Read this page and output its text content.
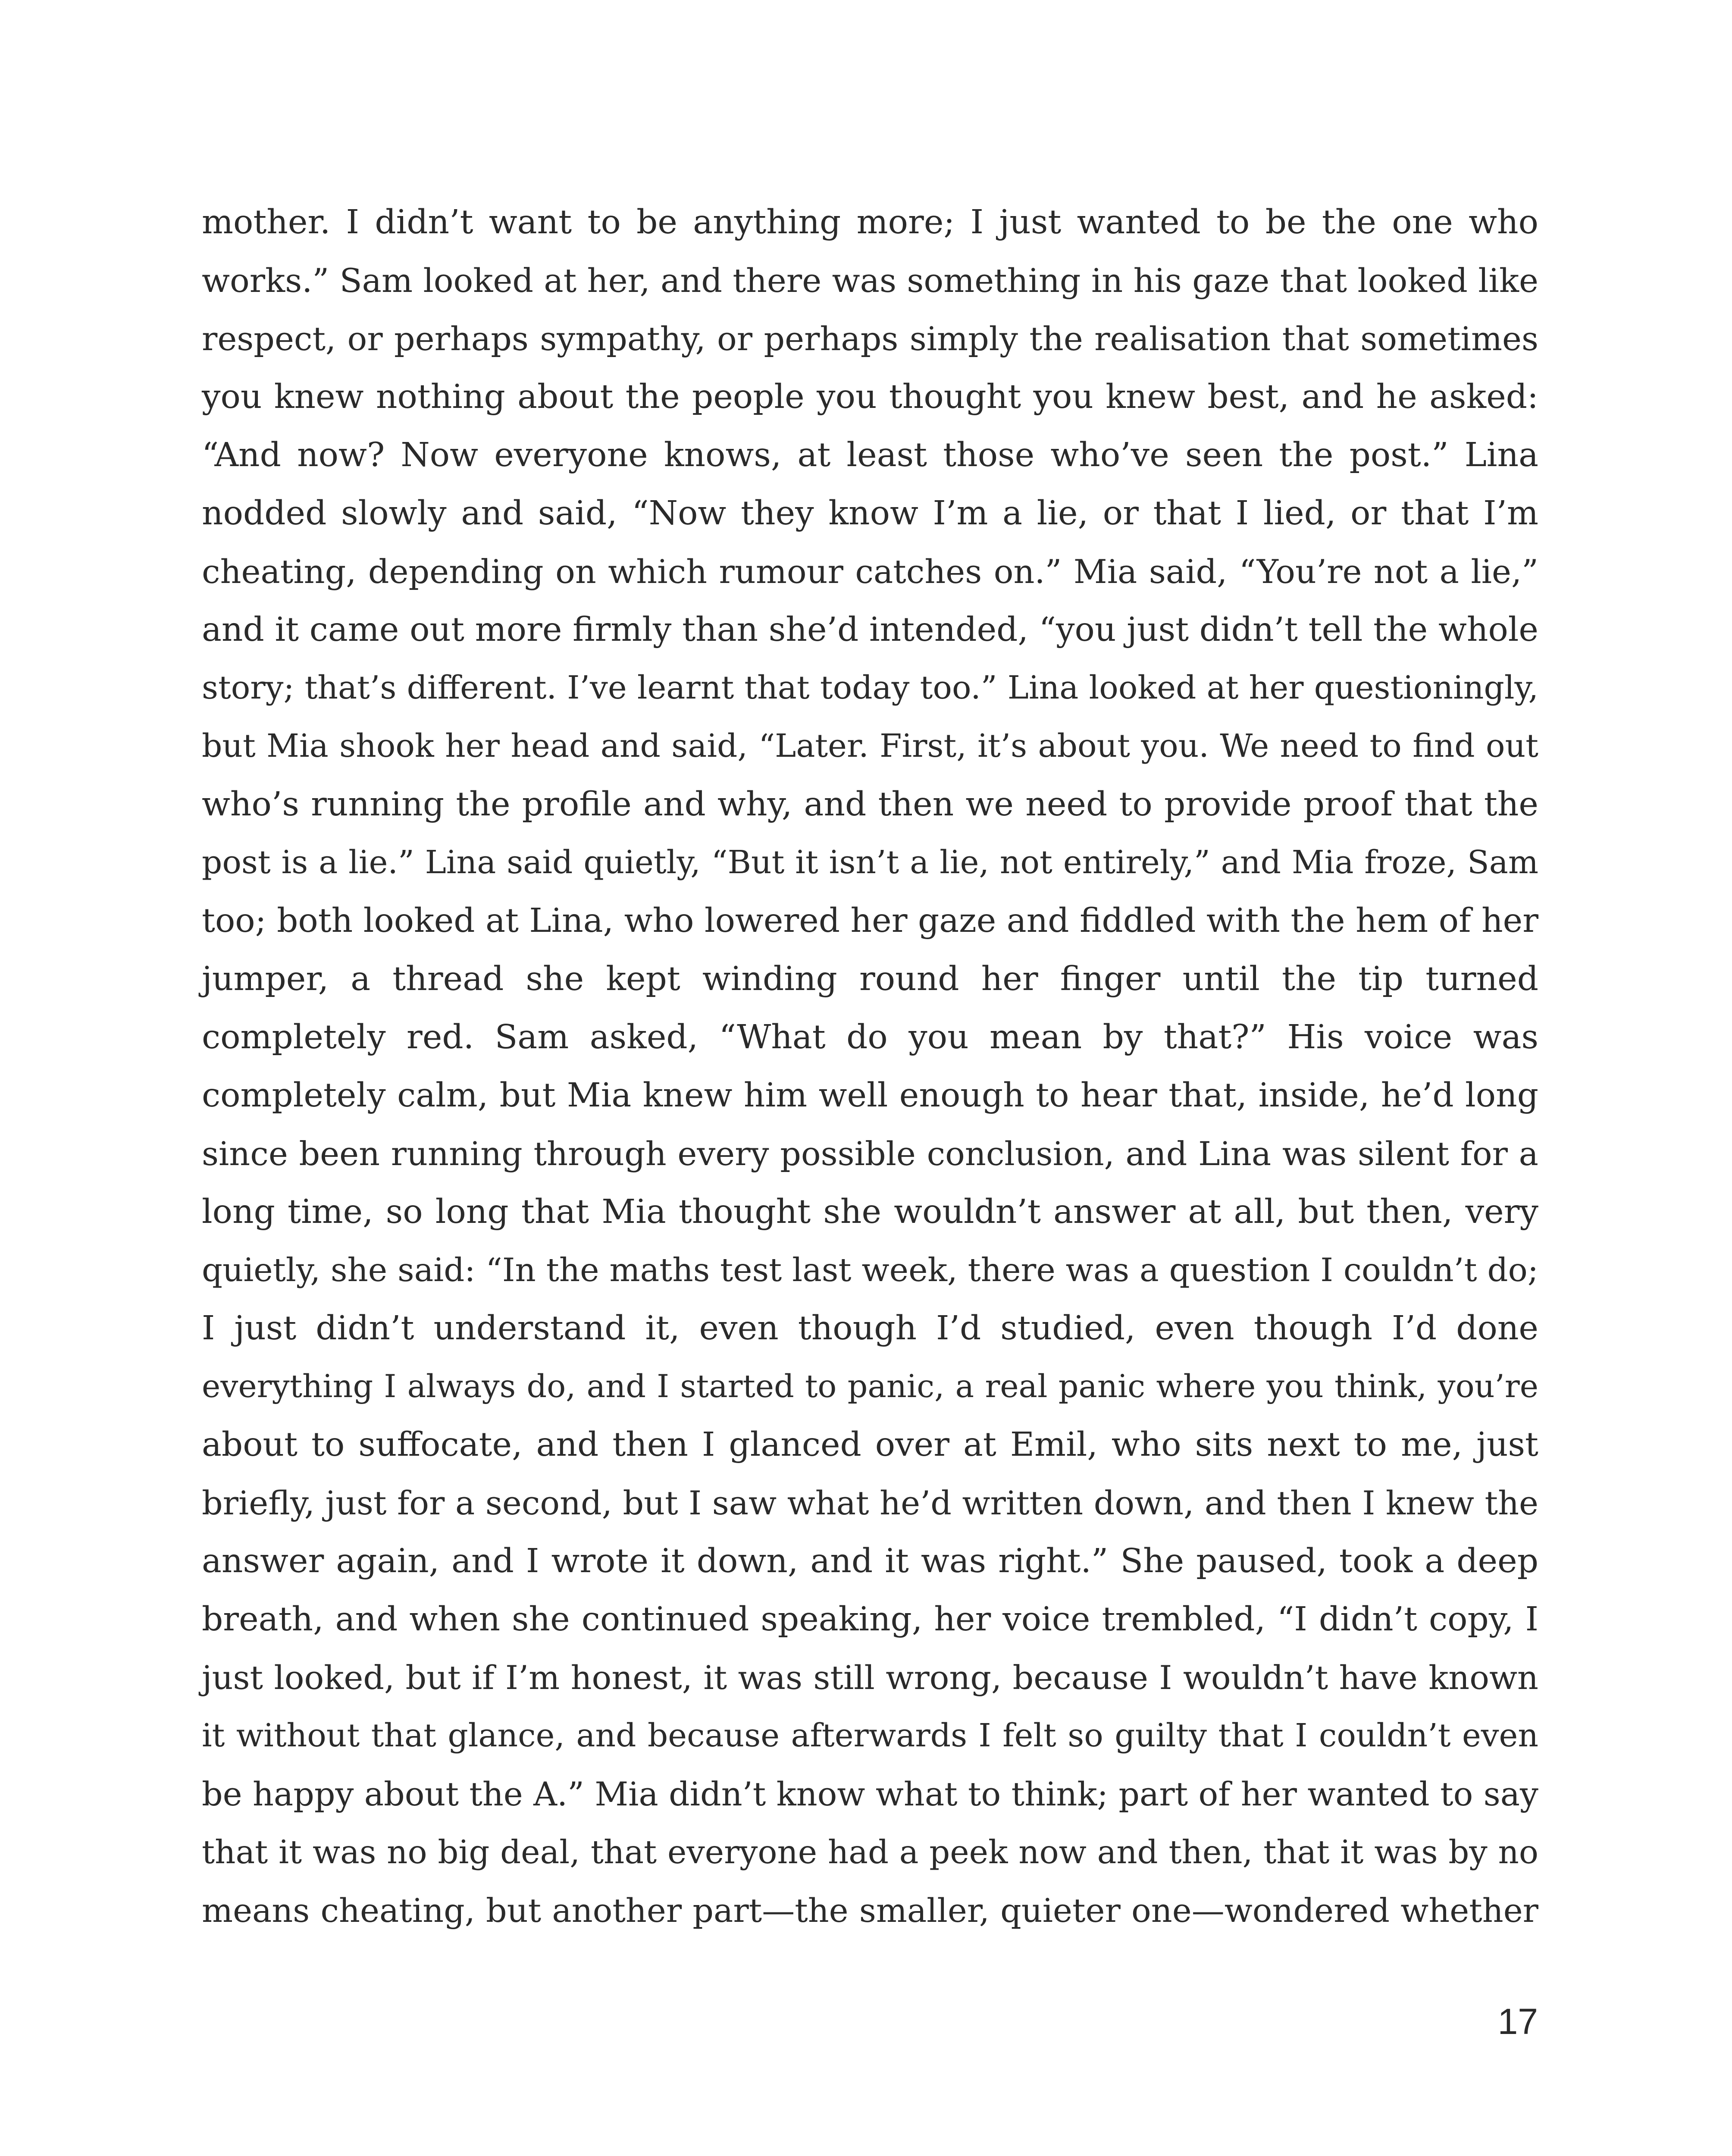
mother. I didn’t want to be anything more; I just wanted to be the one who
works.” Sam looked at her, and there was something in his gaze that looked like
respect, or perhaps sympathy, or perhaps simply the realisation that sometimes
you knew nothing about the people you thought you knew best, and he asked:
“And now? Now everyone knows, at least those who’ve seen the post.” Lina
nodded slowly and said, “Now they know I’m a lie, or that I lied, or that I’m
cheating, depending on which rumour catches on.” Mia said, “You’re not a lie,”
and it came out more firmly than she’d intended, “you just didn’t tell the whole
story; that’s different. I’ve learnt that today too.” Lina looked at her questioningly,
but Mia shook her head and said, “Later. First, it’s about you. We need to find out
who’s running the profile and why, and then we need to provide proof that the
post is a lie.” Lina said quietly, “But it isn’t a lie, not entirely,” and Mia froze, Sam
too; both looked at Lina, who lowered her gaze and fiddled with the hem of her
jumper, a thread she kept winding round her finger until the tip turned
completely red. Sam asked, “What do you mean by that?” His voice was
completely calm, but Mia knew him well enough to hear that, inside, he’d long
since been running through every possible conclusion, and Lina was silent for a
long time, so long that Mia thought she wouldn’t answer at all, but then, very
quietly, she said: “In the maths test last week, there was a question I couldn’t do;
I just didn’t understand it, even though I’d studied, even though I’d done
everything I always do, and I started to panic, a real panic where you think, you’re
about to suffocate, and then I glanced over at Emil, who sits next to me, just
briefly, just for a second, but I saw what he’d written down, and then I knew the
answer again, and I wrote it down, and it was right.” She paused, took a deep
breath, and when she continued speaking, her voice trembled, “I didn’t copy, I
just looked, but if I’m honest, it was still wrong, because I wouldn’t have known
it without that glance, and because afterwards I felt so guilty that I couldn’t even
be happy about the A.” Mia didn’t know what to think; part of her wanted to say
that it was no big deal, that everyone had a peek now and then, that it was by no
means cheating, but another part—the smaller, quieter one—wondered whether
17
